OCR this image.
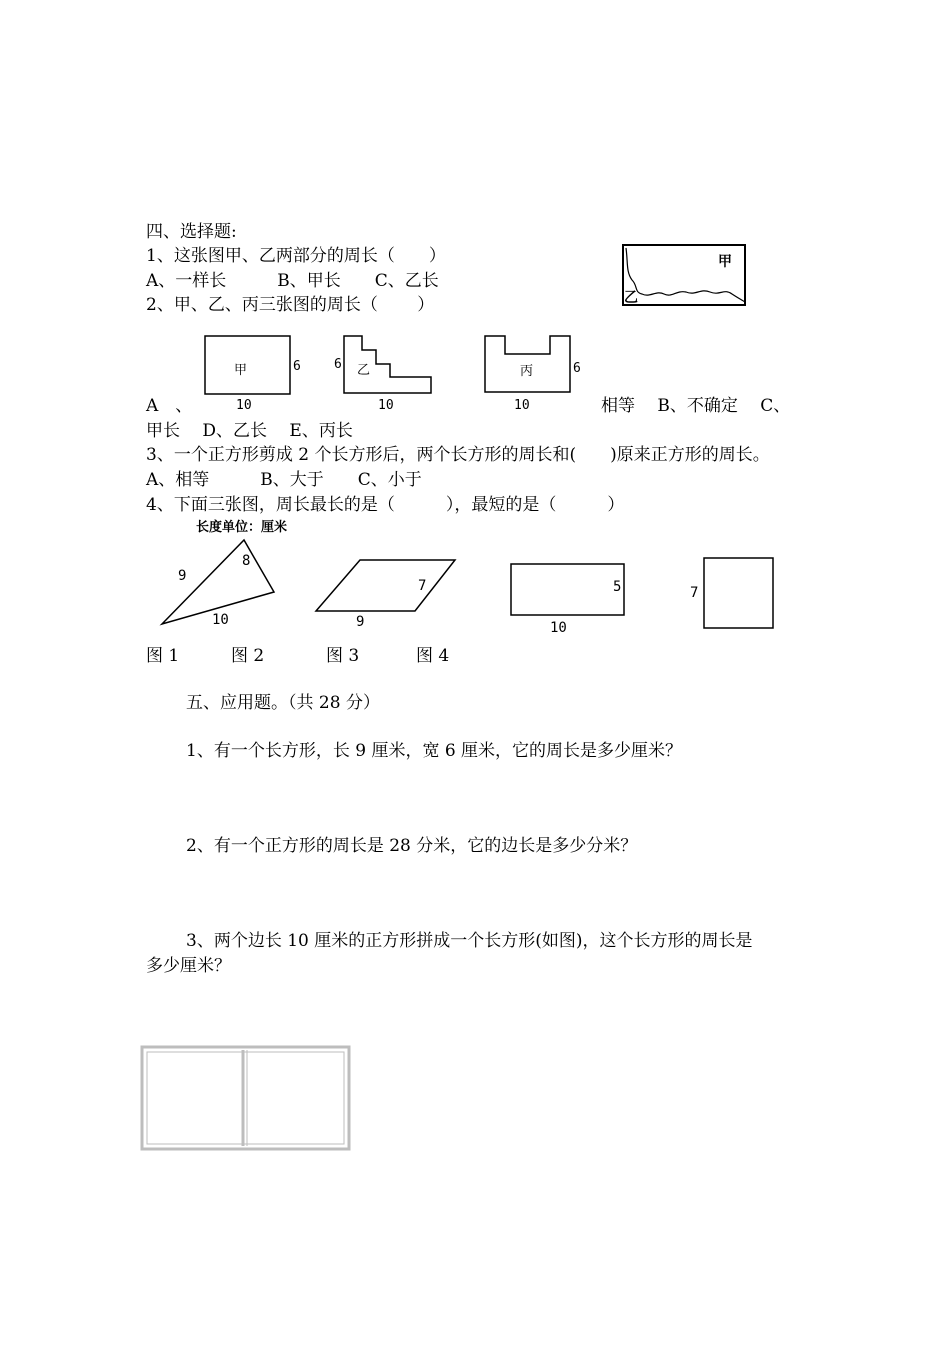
四、选择题:
1、这张图甲、乙两部分的周长（　　）
A、一样长　　　B、甲长　　C、乙长
2、甲、乙、丙三张图的周长（　　 ）
甲
乙
甲	6
10
乙
6
10
丙	6
10
A　、	相等　 B、不确定　 C、
甲长　 D、乙长　 E、丙长
3、一个正方形剪成 2 个长方形后，两个长方形的周长和(　　)原来正方形的周长。
A、相等　　　B、大于　　C、小于
4、下面三张图，周长最长的是（　　　），最短的是（　　　）
长度单位：厘米
9
8
10
7
9
5
10
7
图 1	图 2	图 3	图 4
五、应用题。（共 28 分）
1、有一个长方形，长 9 厘米，宽 6 厘米，它的周长是多少厘米？
2、有一个正方形的周长是 28 分米，它的边长是多少分米？
3、两个边长 10 厘米的正方形拼成一个长方形(如图)，这个长方形的周长是
多少厘米？
